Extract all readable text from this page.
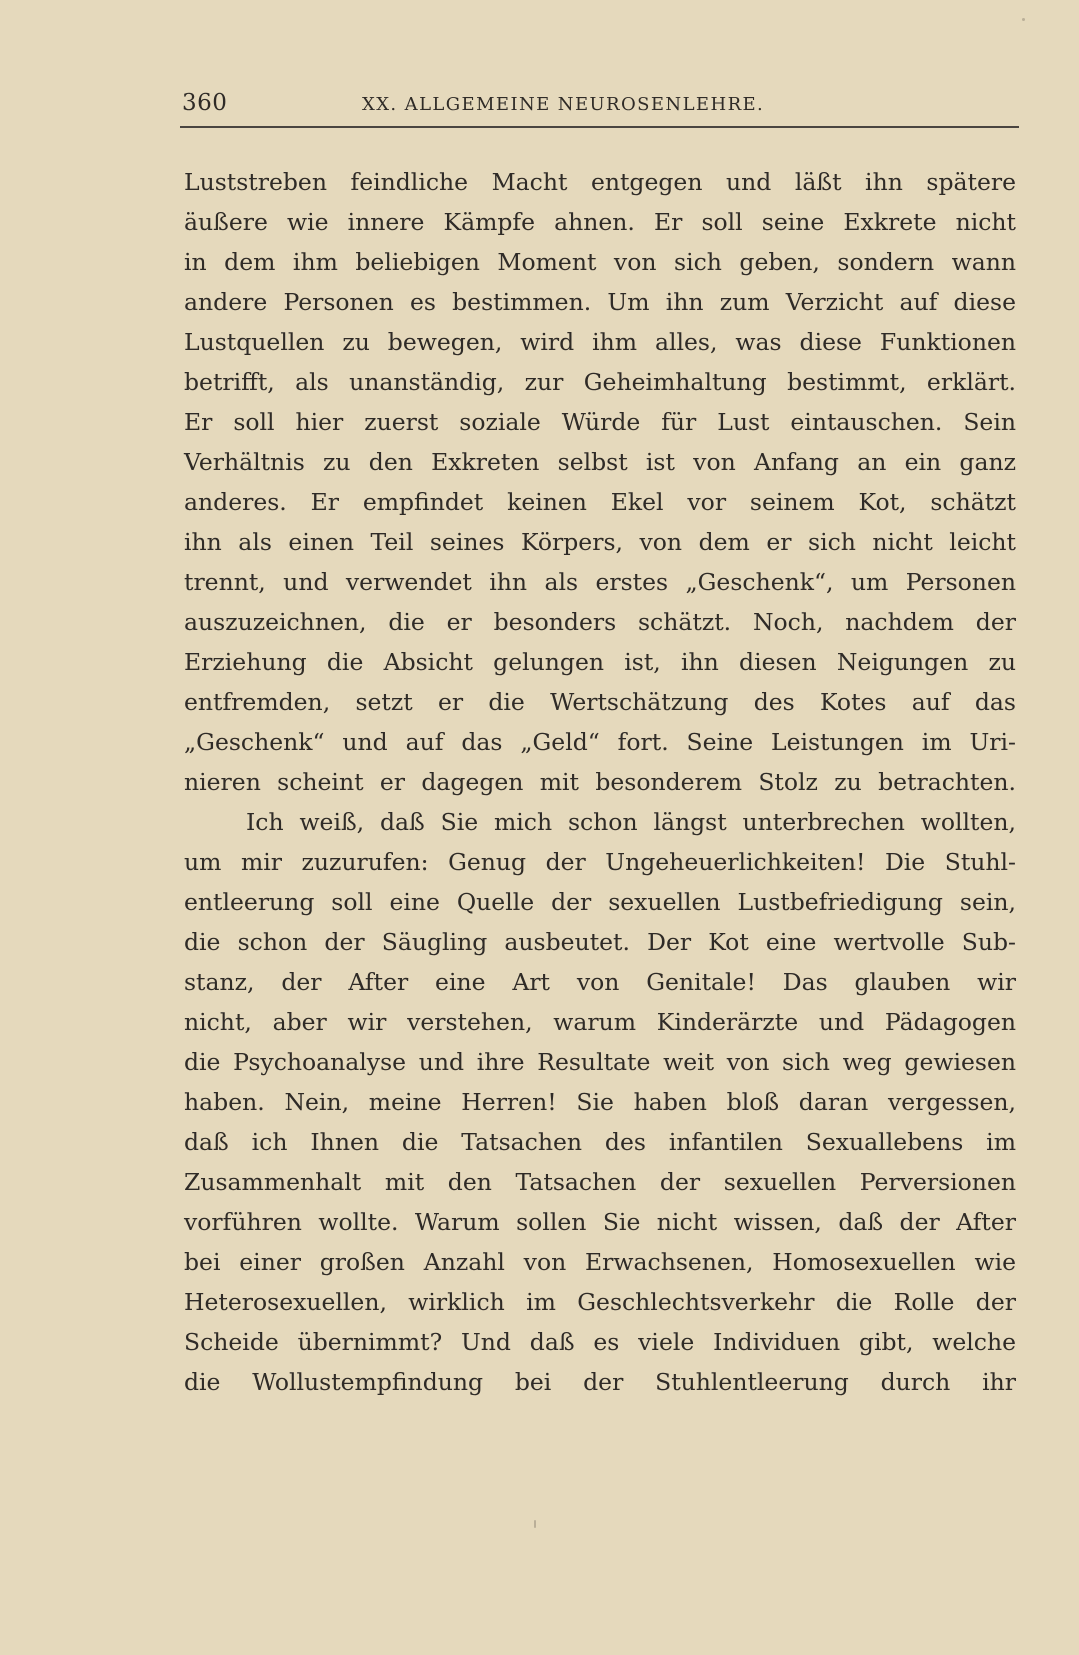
360	XX. ALLGEMEINE NEUROSENLEHRE.
Luststreben feindliche Macht entgegen und läßt ihn spätere
äußere wie innere Kämpfe ahnen. Er soll seine Exkrete nicht
in dem ihm beliebigen Moment von sich geben, sondern wann
andere Personen es bestimmen. Um ihn zum Verzicht auf diese
Lustquellen zu bewegen, wird ihm alles, was diese Funktionen
betrifft, als unanständig, zur Geheimhaltung bestimmt, erklärt.
Er soll hier zuerst soziale Würde für Lust eintauschen. Sein
Verhältnis zu den Exkreten selbst ist von Anfang an ein ganz
anderes. Er empfindet keinen Ekel vor seinem Kot, schätzt
ihn als einen Teil seines Körpers, von dem er sich nicht leicht
trennt, und verwendet ihn als erstes „Geschenk“, um Personen
auszuzeichnen, die er besonders schätzt. Noch, nachdem der
Erziehung die Absicht gelungen ist, ihn diesen Neigungen zu
entfremden, setzt er die Wertschätzung des Kotes auf das
„Geschenk“ und auf das „Geld“ fort. Seine Leistungen im Uri-
nieren scheint er dagegen mit besonderem Stolz zu betrachten.
Ich weiß, daß Sie mich schon längst unterbrechen wollten,
um mir zuzurufen: Genug der Ungeheuerlichkeiten! Die Stuhl-
entleerung soll eine Quelle der sexuellen Lustbefriedigung sein,
die schon der Säugling ausbeutet. Der Kot eine wertvolle Sub-
stanz, der After eine Art von Genitale! Das glauben wir
nicht, aber wir verstehen, warum Kinderärzte und Pädagogen
die Psychoanalyse und ihre Resultate weit von sich weg gewiesen
haben. Nein, meine Herren! Sie haben bloß daran vergessen,
daß ich Ihnen die Tatsachen des infantilen Sexuallebens im
Zusammenhalt mit den Tatsachen der sexuellen Perversionen
vorführen wollte. Warum sollen Sie nicht wissen, daß der After
bei einer großen Anzahl von Erwachsenen, Homosexuellen wie
Heterosexuellen, wirklich im Geschlechtsverkehr die Rolle der
Scheide übernimmt? Und daß es viele Individuen gibt, welche
die Wollustempfindung bei der Stuhlentleerung durch ihr
